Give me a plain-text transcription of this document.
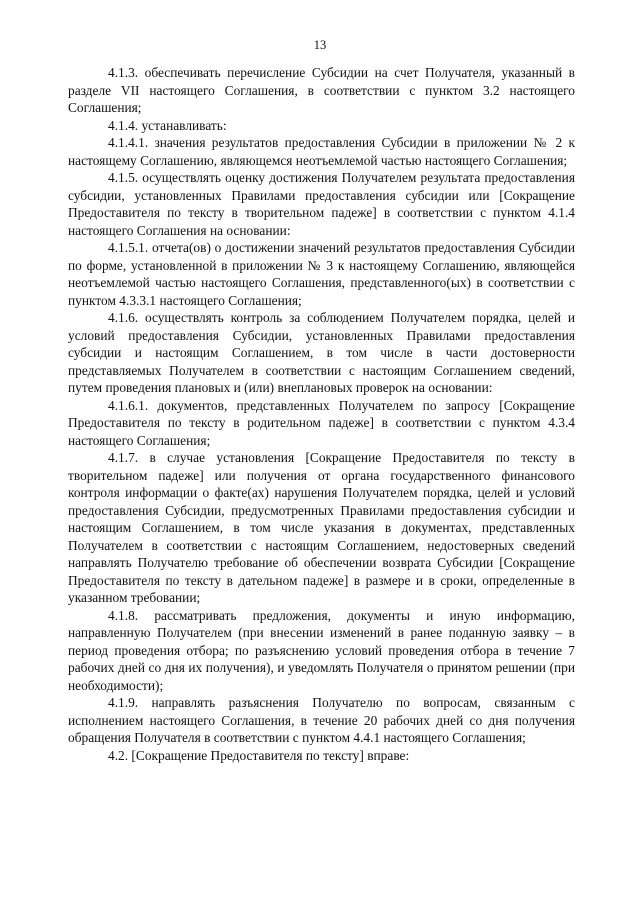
13

4.1.3. обеспечивать перечисление Субсидии на счет Получателя, указанный в разделе VII настоящего Соглашения, в соответствии с пунктом 3.2 настоящего Соглашения;

4.1.4. устанавливать:

4.1.4.1. значения результатов предоставления Субсидии в приложении № 2 к настоящему Соглашению, являющемся неотъемлемой частью настоящего Соглашения;

4.1.5. осуществлять оценку достижения Получателем результата предоставления субсидии, установленных Правилами предоставления субсидии или [Сокращение Предоставителя по тексту в творительном падеже] в соответствии с пунктом 4.1.4 настоящего Соглашения на основании:

4.1.5.1. отчета(ов) о достижении значений результатов предоставления Субсидии по форме, установленной в приложении № 3 к настоящему Соглашению, являющейся неотъемлемой частью настоящего Соглашения, представленного(ых) в соответствии с пунктом 4.3.3.1 настоящего Соглашения;

4.1.6. осуществлять контроль за соблюдением Получателем порядка, целей и условий предоставления Субсидии, установленных Правилами предоставления субсидии и настоящим Соглашением, в том числе в части достоверности представляемых Получателем в соответствии с настоящим Соглашением сведений, путем проведения плановых и (или) внеплановых проверок на основании:

4.1.6.1. документов, представленных Получателем по запросу [Сокращение Предоставителя по тексту в родительном падеже] в соответствии с пунктом 4.3.4 настоящего Соглашения;

4.1.7. в случае установления [Сокращение Предоставителя по тексту в творительном падеже] или получения от органа государственного финансового контроля информации о факте(ах) нарушения Получателем порядка, целей и условий предоставления Субсидии, предусмотренных Правилами предоставления субсидии и настоящим Соглашением, в том числе указания в документах, представленных Получателем в соответствии с настоящим Соглашением, недостоверных сведений направлять Получателю требование об обеспечении возврата Субсидии [Сокращение Предоставителя по тексту в дательном падеже] в размере и в сроки, определенные в указанном требовании;

4.1.8. рассматривать предложения, документы и иную информацию, направленную Получателем (при внесении изменений в ранее поданную заявку – в период проведения отбора; по разъяснению условий проведения отбора в течение 7 рабочих дней со дня их получения), и уведомлять Получателя о принятом решении (при необходимости);

4.1.9. направлять разъяснения Получателю по вопросам, связанным с исполнением настоящего Соглашения, в течение 20 рабочих дней со дня получения обращения Получателя в соответствии с пунктом 4.4.1 настоящего Соглашения;

4.2. [Сокращение Предоставителя по тексту] вправе:
